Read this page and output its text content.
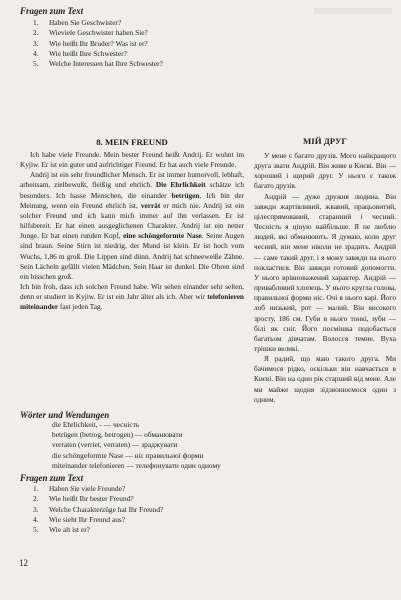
Fragen zum Text
1. Haben Sie Geschwister?
2. Wieviele Geschwister haben Sie?
3. Wie heißt Ihr Bruder? Was ist er?
4. Wie heißt Ihre Schwester?
5. Welche Interessen hat Ihre Schwester?
8. MEIN FREUND	МІЙ ДРУГ

Ich habe viele Freunde. Mein bester Freund heißt Andrij. Er wohnt im Kyjiw. Er ist ein guter und aufrichtiger Freund. Er hat auch viele Freunde.

Andrij ist ein sehr freundlicher Mensch. Er ist immer humorvoll, lebhaft, arbeitsam, zielbewußt, fleißig und ehrlich. Die Ehrlichkeit schätze ich besonders. Ich hasse Menschen, die einander betrügen. Ich bin der Meinung, wenn ein Freund ehrlich ist, verrät er mich nie. Andrij ist ein solcher Freund und ich kann mich immer auf ihn verlassen. Er ist hilfsbereit. Er hat einen ausgeglichenen Charakter. Andrij ist ein netter Junge. Er hat einen runden Kopf, eine schöngeformte Nase. Seine Augen sind braun. Seine Stirn ist niedrig, der Mund ist klein. Er ist hoch vom Wuchs, 1,86 m groß. Die Lippen sind dünn. Andrij hat schneeweiße Zähne. Sein Lächeln gefällt vielen Mädchen. Sein Haar ist dunkel. Die Ohren sind ein bisschen groß.

Ich bin froh, dass ich solchen Freund habe. Wir sehen einander sehr selten, denn er studiert in Kyjiw. Er ist ein Jahr älter als ich. Aber wir telefonieren miteinander fast jeden Tag.

У мене є багато друзів. Мого найкращого друга звати Андрій. Він живе в Києві. Він — хороший і щирий друг. У нього є також багато друзів.

Андрій — дуже дружня людина. Він завжди жартівливий, жвавий, працьовитий, цілеспрямований, старанний і чесний. Чесність я ціную найбільше. Я не люблю людей, які обманюють. Я думаю, коли друг чесний, він мене ніколи не зрадить. Андрій — саме такий друг, і я можу завжди на нього покластися. Він завжди готовий допомогти. У нього врівноважений характер. Андрій — привабливий хлопець. У нього кругла голова, правильної форми ніс. Очі в нього карі. Його лоб низький, рот — малий. Він високого зросту, 186 см. Губи в нього тонкі, зуби — білі як сніг. Його посмішка подобається багатьом дівчатам. Волосся темне. Вуха трішки великі.

Я радий, що маю такого друга. Ми бачимося рідко, оскільки він навчається в Києві. Він на один рік старший від мене. Але ми майже щодня зідзвонюємося один з одним.

Wörter und Wendungen
die Ehrlichkeit, - — чесність
betrügen (betrog, betrogen) — обманювати
verraten (verriet, verraten) — зраджувати
die schöngeformte Nase — ніс правильної форми
miteinander telefonieren — телефонувати один одному
Fragen zum Text
1. Haben Sie viele Freunde?
2. Wie heißt Ihr bester Freund?
3. Welche Charakterzüge hat Ihr Freund?
4. Wie sieht Ihr Freund aus?
5. Wie alt ist er?
12
